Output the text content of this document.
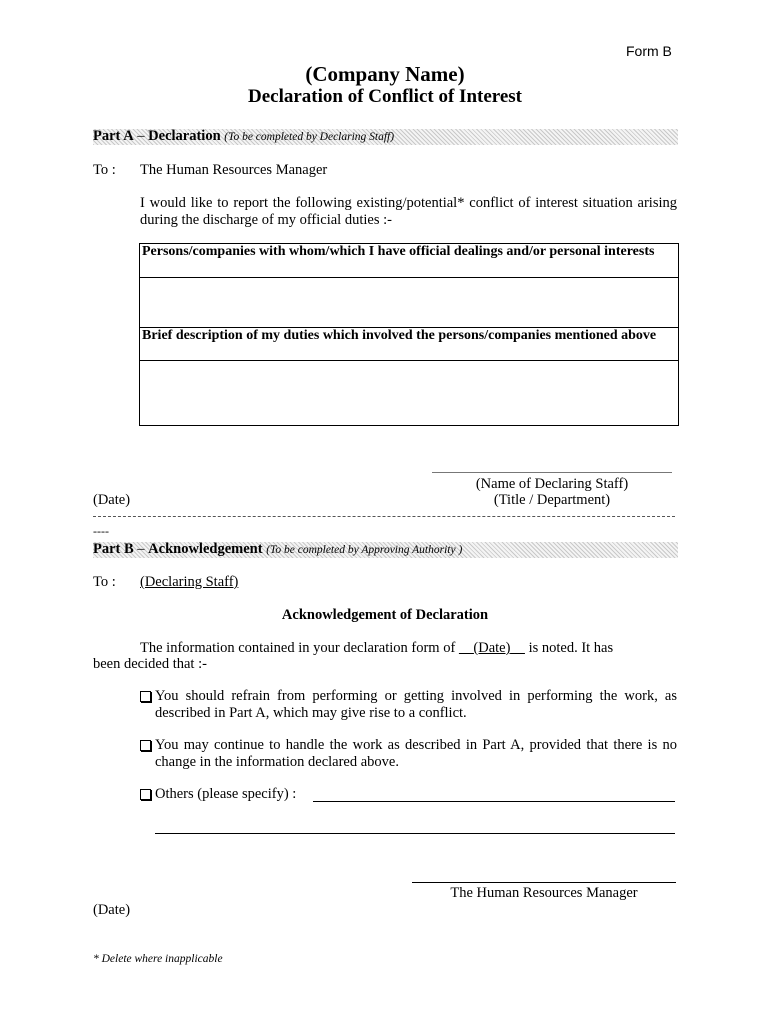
Form B
(Company Name)
Declaration of Conflict of Interest
Part A – Declaration (To be completed by Declaring Staff)
To : The Human Resources Manager
I would like to report the following existing/potential* conflict of interest situation arising during the discharge of my official duties :-
Persons/companies with whom/which I have official dealings and/or personal interests
Brief description of my duties which involved the persons/companies mentioned above
(Name of Declaring Staff)
(Title / Department)
(Date)
----
Part B – Acknowledgement (To be completed by Approving Authority )
To : (Declaring Staff)
Acknowledgement of Declaration
The information contained in your declaration form of (Date) is noted. It has
been decided that :-
You should refrain from performing or getting involved in performing the work, as described in Part A, which may give rise to a conflict.
You may continue to handle the work as described in Part A, provided that there is no change in the information declared above.
Others (please specify) :
The Human Resources Manager
(Date)
* Delete where inapplicable
